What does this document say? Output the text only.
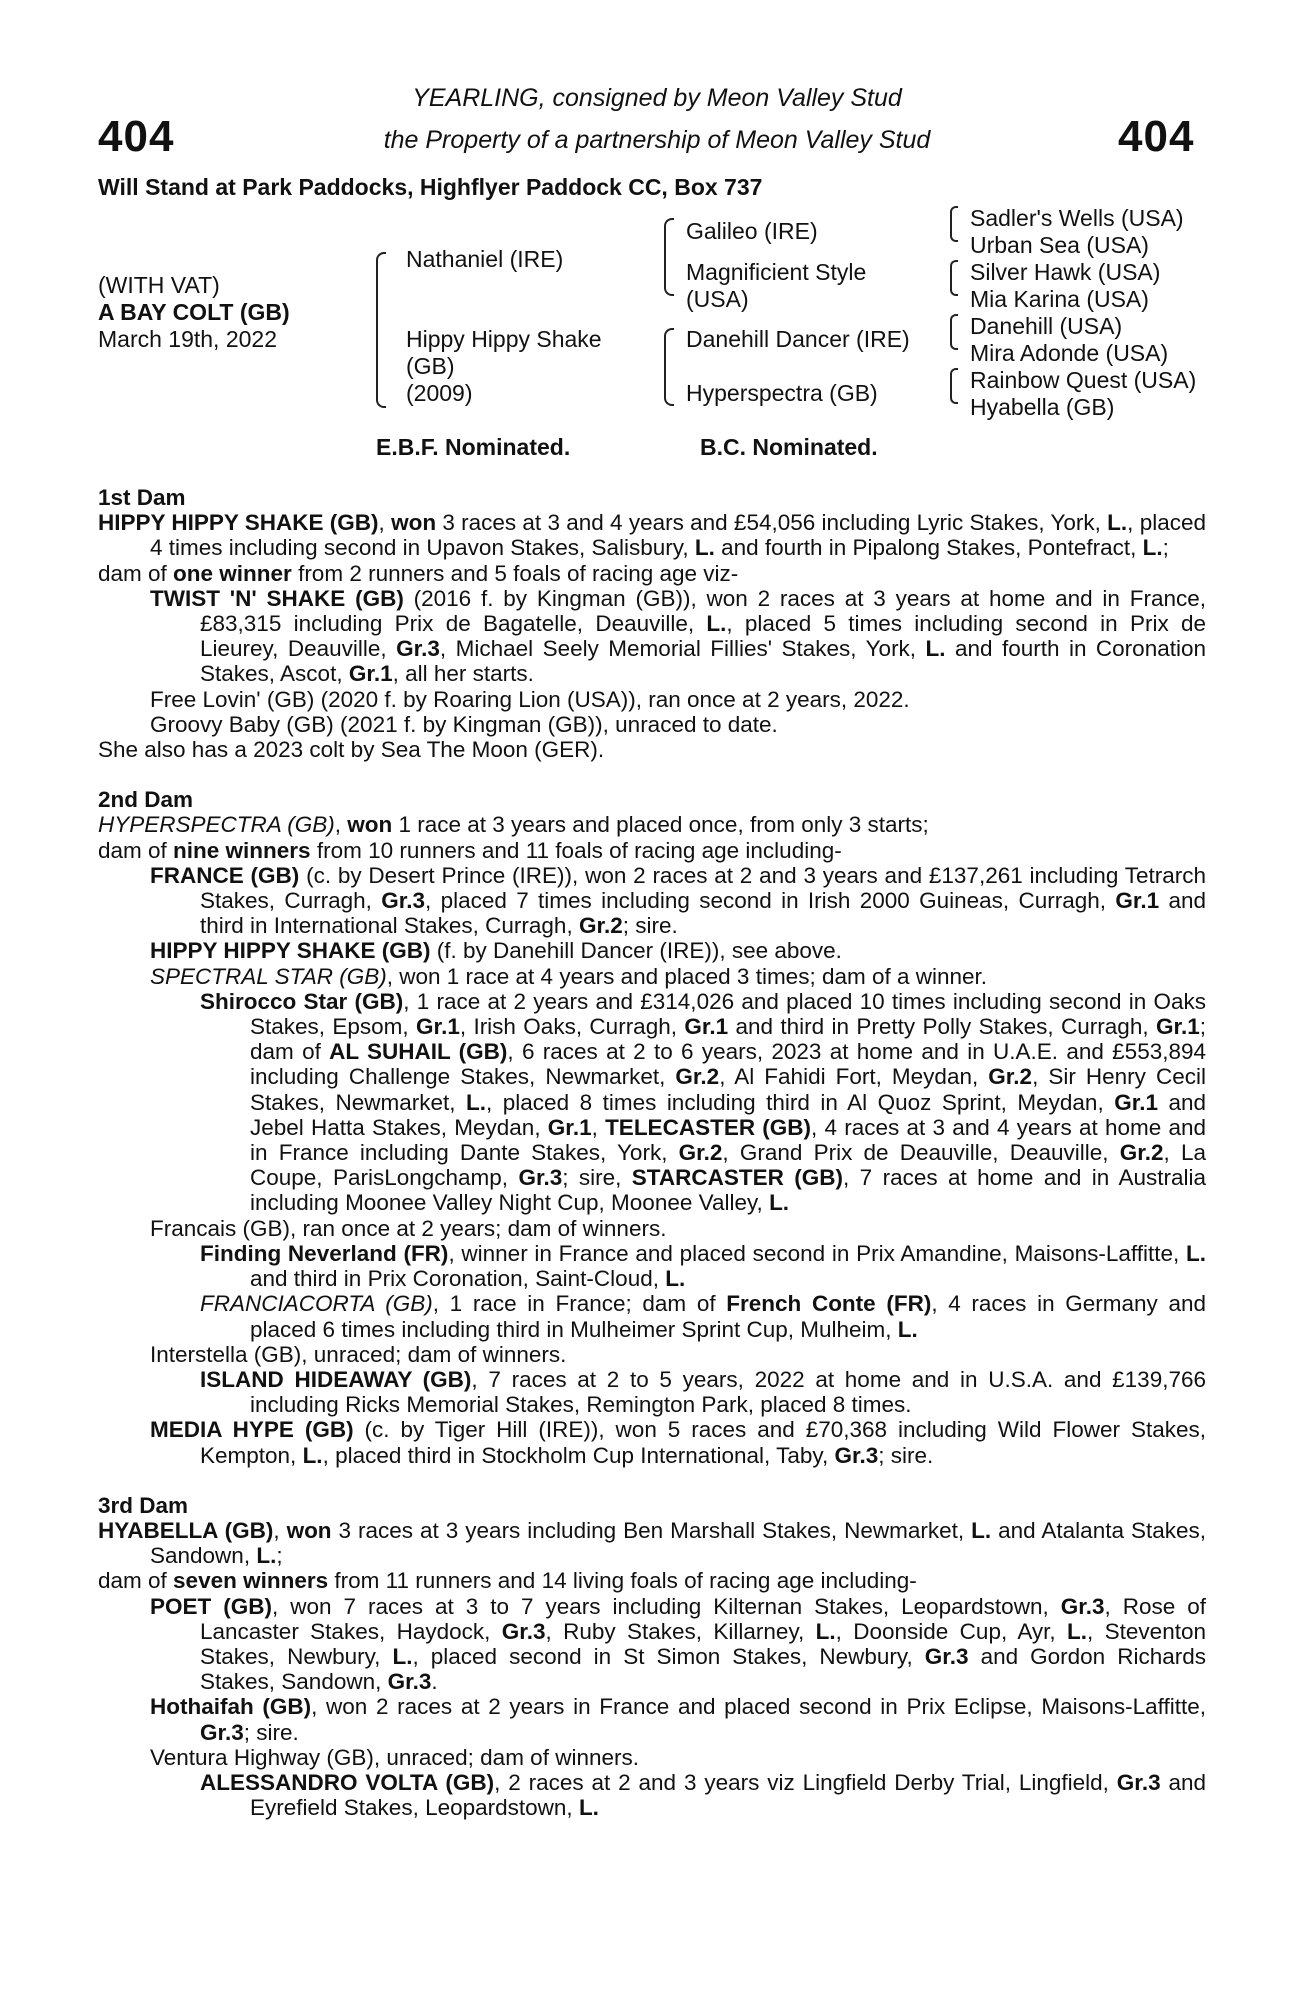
404	404
YEARLING, consigned by Meon Valley Stud
the Property of a partnership of Meon Valley Stud
Will Stand at Park Paddocks, Highflyer Paddock CC, Box 737
(WITH VAT)
A BAY COLT (GB)
March 19th, 2022
Nathaniel (IRE)
Hippy Hippy Shake
(GB)
(2009)
Galileo (IRE)
Magnificient Style
(USA)
Danehill Dancer (IRE)
Hyperspectra (GB)
Sadler's Wells (USA)
Urban Sea (USA)
Silver Hawk (USA)
Mia Karina (USA)
Danehill (USA)
Mira Adonde (USA)
Rainbow Quest (USA)
Hyabella (GB)
E.B.F. Nominated.	B.C. Nominated.

1st Dam

HIPPY HIPPY SHAKE (GB), won 3 races at 3 and 4 years and £54,056 including Lyric Stakes, York, L., placed 4 times including second in Upavon Stakes, Salisbury, L. and fourth in Pipalong Stakes, Pontefract, L.;

dam of one winner from 2 runners and 5 foals of racing age viz-

TWIST 'N' SHAKE (GB) (2016 f. by Kingman (GB)), won 2 races at 3 years at home and in France, £83,315 including Prix de Bagatelle, Deauville, L., placed 5 times including second in Prix de Lieurey, Deauville, Gr.3, Michael Seely Memorial Fillies' Stakes, York, L. and fourth in Coronation Stakes, Ascot, Gr.1, all her starts.

Free Lovin' (GB) (2020 f. by Roaring Lion (USA)), ran once at 2 years, 2022.

Groovy Baby (GB) (2021 f. by Kingman (GB)), unraced to date.

She also has a 2023 colt by Sea The Moon (GER).

2nd Dam

HYPERSPECTRA (GB), won 1 race at 3 years and placed once, from only 3 starts;

dam of nine winners from 10 runners and 11 foals of racing age including-

FRANCE (GB) (c. by Desert Prince (IRE)), won 2 races at 2 and 3 years and £137,261 including Tetrarch Stakes, Curragh, Gr.3, placed 7 times including second in Irish 2000 Guineas, Curragh, Gr.1 and third in International Stakes, Curragh, Gr.2; sire.

HIPPY HIPPY SHAKE (GB) (f. by Danehill Dancer (IRE)), see above.

SPECTRAL STAR (GB), won 1 race at 4 years and placed 3 times; dam of a winner.

Shirocco Star (GB), 1 race at 2 years and £314,026 and placed 10 times including second in Oaks Stakes, Epsom, Gr.1, Irish Oaks, Curragh, Gr.1 and third in Pretty Polly Stakes, Curragh, Gr.1; dam of AL SUHAIL (GB), 6 races at 2 to 6 years, 2023 at home and in U.A.E. and £553,894 including Challenge Stakes, Newmarket, Gr.2, Al Fahidi Fort, Meydan, Gr.2, Sir Henry Cecil Stakes, Newmarket, L., placed 8 times including third in Al Quoz Sprint, Meydan, Gr.1 and Jebel Hatta Stakes, Meydan, Gr.1, TELECASTER (GB), 4 races at 3 and 4 years at home and in France including Dante Stakes, York, Gr.2, Grand Prix de Deauville, Deauville, Gr.2, La Coupe, ParisLongchamp, Gr.3; sire, STARCASTER (GB), 7 races at home and in Australia including Moonee Valley Night Cup, Moonee Valley, L.

Francais (GB), ran once at 2 years; dam of winners.

Finding Neverland (FR), winner in France and placed second in Prix Amandine, Maisons-Laffitte, L. and third in Prix Coronation, Saint-Cloud, L.

FRANCIACORTA (GB), 1 race in France; dam of French Conte (FR), 4 races in Germany and placed 6 times including third in Mulheimer Sprint Cup, Mulheim, L.

Interstella (GB), unraced; dam of winners.

ISLAND HIDEAWAY (GB), 7 races at 2 to 5 years, 2022 at home and in U.S.A. and £139,766 including Ricks Memorial Stakes, Remington Park, placed 8 times.

MEDIA HYPE (GB) (c. by Tiger Hill (IRE)), won 5 races and £70,368 including Wild Flower Stakes, Kempton, L., placed third in Stockholm Cup International, Taby, Gr.3; sire.

3rd Dam

HYABELLA (GB), won 3 races at 3 years including Ben Marshall Stakes, Newmarket, L. and Atalanta Stakes, Sandown, L.;

dam of seven winners from 11 runners and 14 living foals of racing age including-

POET (GB), won 7 races at 3 to 7 years including Kilternan Stakes, Leopardstown, Gr.3, Rose of Lancaster Stakes, Haydock, Gr.3, Ruby Stakes, Killarney, L., Doonside Cup, Ayr, L., Steventon Stakes, Newbury, L., placed second in St Simon Stakes, Newbury, Gr.3 and Gordon Richards Stakes, Sandown, Gr.3.

Hothaifah (GB), won 2 races at 2 years in France and placed second in Prix Eclipse, Maisons-Laffitte, Gr.3; sire.

Ventura Highway (GB), unraced; dam of winners.

ALESSANDRO VOLTA (GB), 2 races at 2 and 3 years viz Lingfield Derby Trial, Lingfield, Gr.3 and Eyrefield Stakes, Leopardstown, L.
